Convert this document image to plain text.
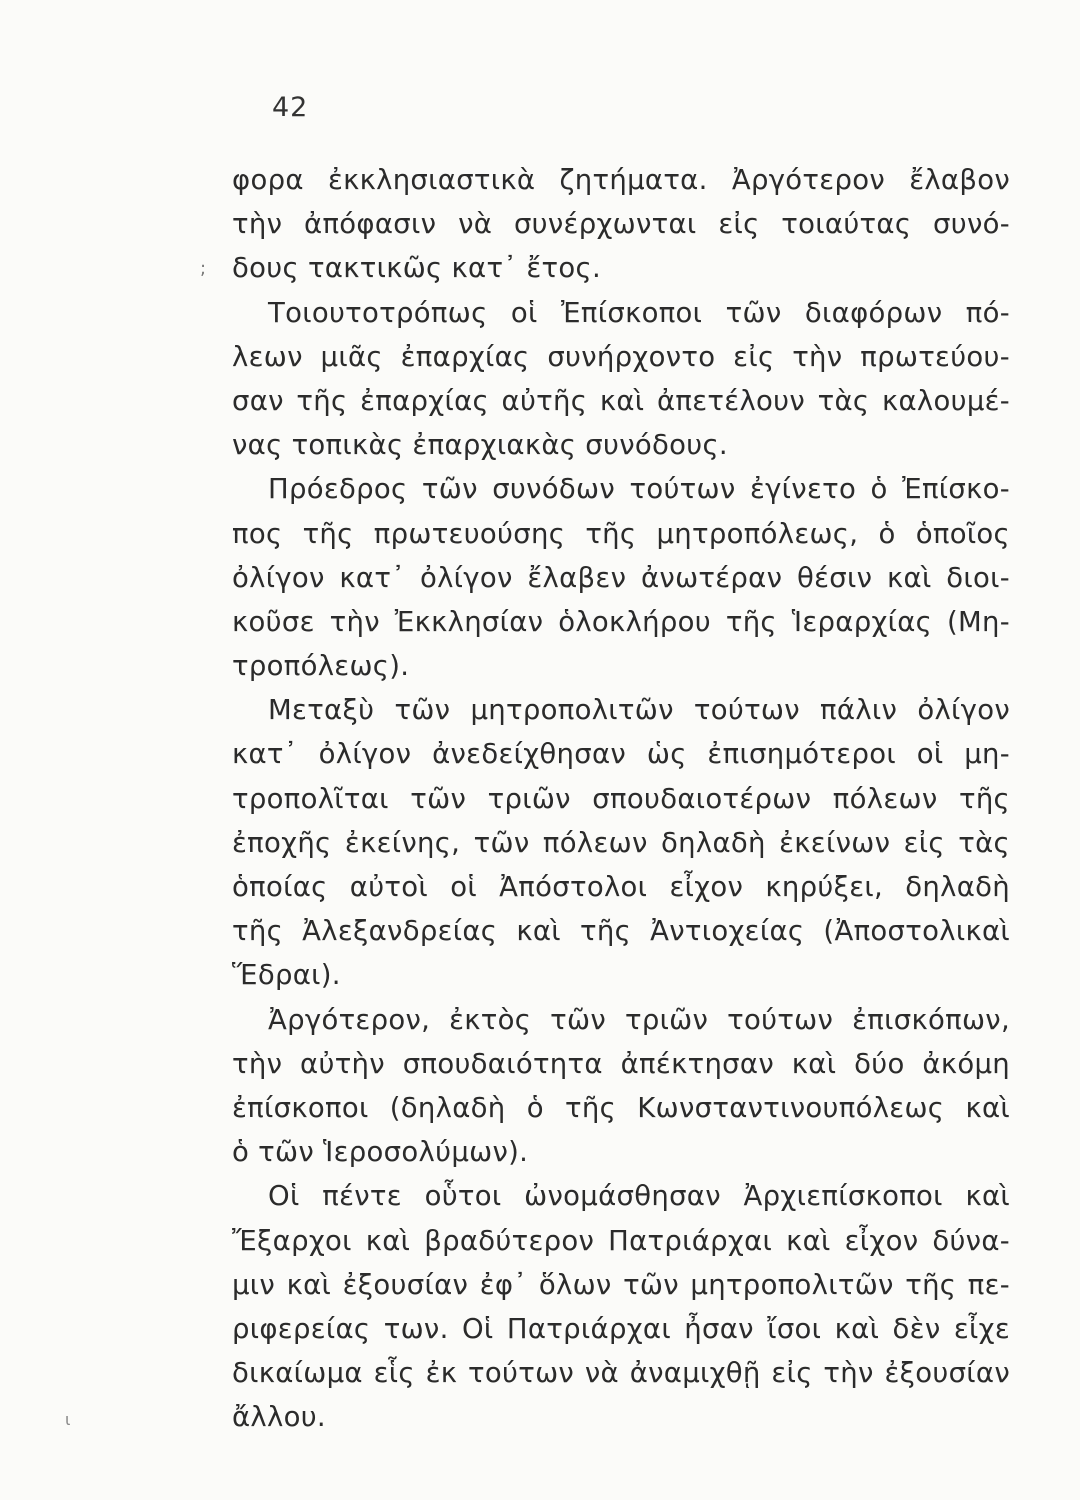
42
;
φορα ἐκκλησιαστικὰ ζητήματα. Ἀργότερον ἔλαβον
τὴν ἀπόφασιν νὰ συνέρχωνται εἰς τοιαύτας συνό-
δους τακτικῶς κατ᾽ ἔτος.
Τοιουτοτρόπως οἱ Ἐπίσκοποι τῶν διαφόρων πό-
λεων μιᾶς ἐπαρχίας συνήρχοντο εἰς τὴν πρωτεύου-
σαν τῆς ἐπαρχίας αὐτῆς καὶ ἀπετέλουν τὰς καλουμέ-
νας τοπικὰς ἐπαρχιακὰς συνόδους.
Πρόεδρος τῶν συνόδων τούτων ἐγίνετο ὁ Ἐπίσκο-
πος τῆς πρωτευούσης τῆς μητροπόλεως, ὁ ὁποῖος
ὀλίγον κατ᾽ ὀλίγον ἔλαβεν ἀνωτέραν θέσιν καὶ διοι-
κοῦσε τὴν Ἐκκλησίαν ὁλοκλήρου τῆς Ἱεραρχίας (Μη-
τροπόλεως).
Μεταξὺ τῶν μητροπολιτῶν τούτων πάλιν ὀλίγον
κατ᾽ ὀλίγον ἀνεδείχθησαν ὡς ἐπισημότεροι οἱ μη-
τροπολῖται τῶν τριῶν σπουδαιοτέρων πόλεων τῆς
ἐποχῆς ἐκείνης, τῶν πόλεων δηλαδὴ ἐκείνων εἰς τὰς
ὁποίας αὐτοὶ οἱ Ἀπόστολοι εἶχον κηρύξει, δηλαδὴ
τῆς Ἀλεξανδρείας καὶ τῆς Ἀντιοχείας (Ἀποστολικαὶ
Ἕδραι).
Ἀργότερον, ἐκτὸς τῶν τριῶν τούτων ἐπισκόπων,
τὴν αὐτὴν σπουδαιότητα ἀπέκτησαν καὶ δύο ἀκόμη
ἐπίσκοποι (δηλαδὴ ὁ τῆς Κωνσταντινουπόλεως καὶ
ὁ τῶν Ἱεροσολύμων).
Οἱ πέντε οὗτοι ὠνομάσθησαν Ἀρχιεπίσκοποι καὶ
Ἔξαρχοι καὶ βραδύτερον Πατριάρχαι καὶ εἶχον δύνα-
μιν καὶ ἐξουσίαν ἐφ᾽ ὅλων τῶν μητροπολιτῶν τῆς πε-
ριφερείας των. Οἱ Πατριάρχαι ἦσαν ἴσοι καὶ δὲν εἶχε
δικαίωμα εἷς ἐκ τούτων νὰ ἀναμιχθῇ εἰς τὴν ἐξουσίαν
ἄλλου.
ι
